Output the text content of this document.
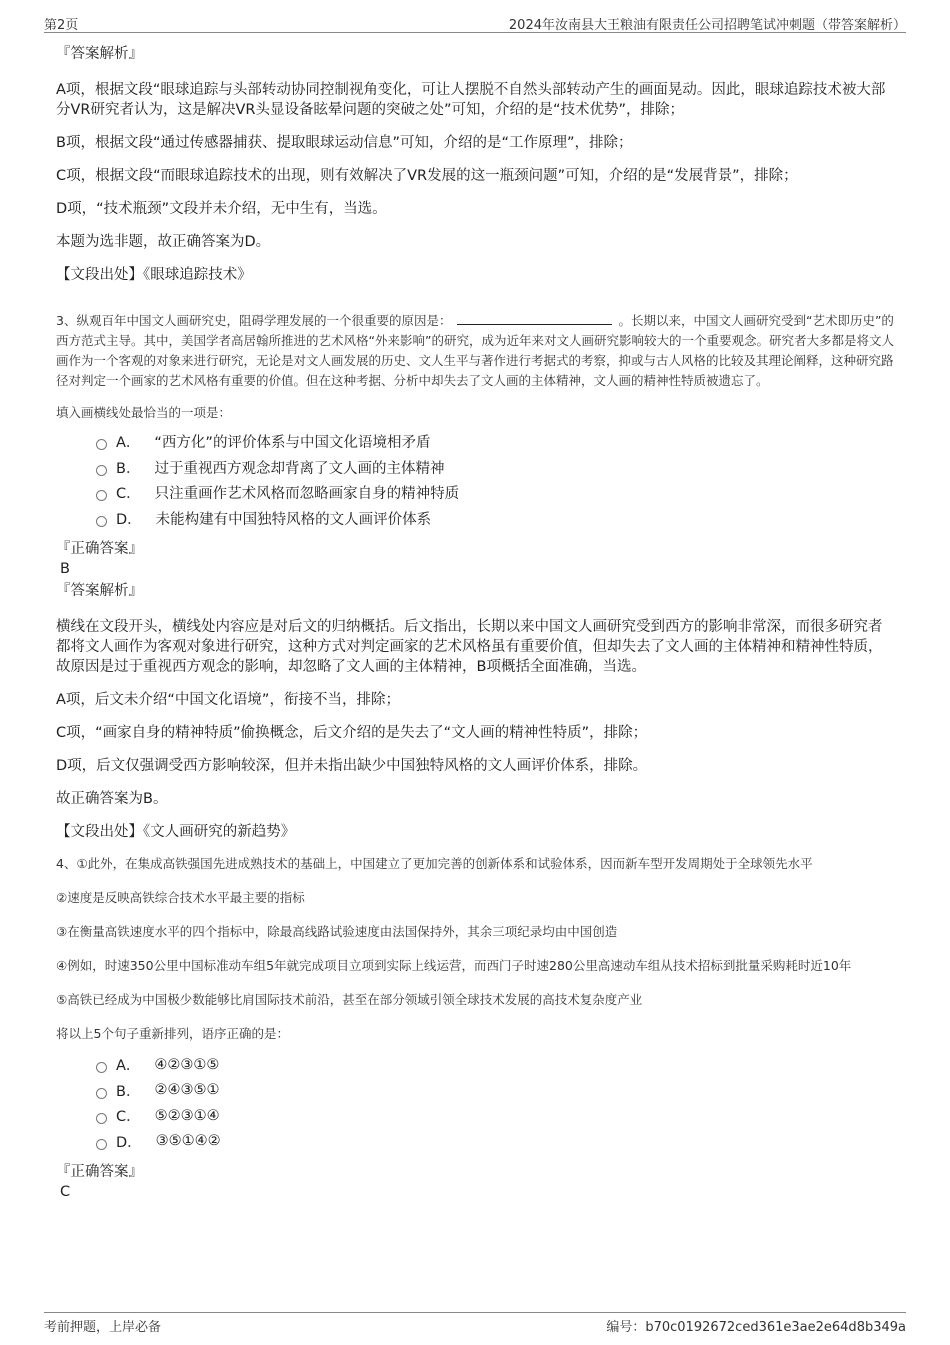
第2页	2024年汝南县大王粮油有限责任公司招聘笔试冲刺题（带答案解析）

『答案解析』

A项，根据文段“眼球追踪与头部转动协同控制视角变化，可让人摆脱不自然头部转动产生的画面晃动。因此，眼球追踪技术被大部分VR研究者认为，这是解决VR头显设备眩晕问题的突破之处”可知，介绍的是“技术优势”，排除；

B项，根据文段“通过传感器捕获、提取眼球运动信息”可知，介绍的是“工作原理”，排除；

C项，根据文段“而眼球追踪技术的出现，则有效解决了VR发展的这一瓶颈问题”可知，介绍的是“发展背景”，排除；

D项，“技术瓶颈”文段并未介绍，无中生有，当选。

本题为选非题，故正确答案为D。

【文段出处】《眼球追踪技术》

3、纵观百年中国文人画研究史，阻碍学理发展的一个很重要的原因是：	。长期以来，中国文人画研究受到“艺术即历史”的西方范式主导。其中，美国学者高居翰所推进的艺术风格“外来影响”的研究，成为近年来对文人画研究影响较大的一个重要观念。研究者大多都是将文人画作为一个客观的对象来进行研究，无论是对文人画发展的历史、文人生平与著作进行考据式的考察，抑或与古人风格的比较及其理论阐释，这种研究路径对判定一个画家的艺术风格有重要的价值。但在这种考据、分析中却失去了文人画的主体精神，文人画的精神性特质被遗忘了。

填入画横线处最恰当的一项是：

A． “西方化”的评价体系与中国文化语境相矛盾
B． 过于重视西方观念却背离了文人画的主体精神
C． 只注重画作艺术风格而忽略画家自身的精神特质
D． 未能构建有中国独特风格的文人画评价体系

『正确答案』

B

『答案解析』

横线在文段开头，横线处内容应是对后文的归纳概括。后文指出，长期以来中国文人画研究受到西方的影响非常深，而很多研究者都将文人画作为客观对象进行研究，这种方式对判定画家的艺术风格虽有重要价值，但却失去了文人画的主体精神和精神性特质，故原因是过于重视西方观念的影响，却忽略了文人画的主体精神，B项概括全面准确，当选。

A项，后文未介绍“中国文化语境”，衔接不当，排除；

C项，“画家自身的精神特质”偷换概念，后文介绍的是失去了“文人画的精神性特质”，排除；

D项，后文仅强调受西方影响较深，但并未指出缺少中国独特风格的文人画评价体系，排除。

故正确答案为B。

【文段出处】《文人画研究的新趋势》

4、①此外，在集成高铁强国先进成熟技术的基础上，中国建立了更加完善的创新体系和试验体系，因而新车型开发周期处于全球领先水平

②速度是反映高铁综合技术水平最主要的指标

③在衡量高铁速度水平的四个指标中，除最高线路试验速度由法国保持外，其余三项纪录均由中国创造

④例如，时速350公里中国标准动车组5年就完成项目立项到实际上线运营，而西门子时速280公里高速动车组从技术招标到批量采购耗时近10年

⑤高铁已经成为中国极少数能够比肩国际技术前沿，甚至在部分领域引领全球技术发展的高技术复杂度产业

将以上5个句子重新排列，语序正确的是：

A． ④②③①⑤
B． ②④③⑤①
C． ⑤②③①④
D． ③⑤①④②

『正确答案』

C

考前押题，上岸必备	编号：b70c0192672ced361e3ae2e64d8b349a
